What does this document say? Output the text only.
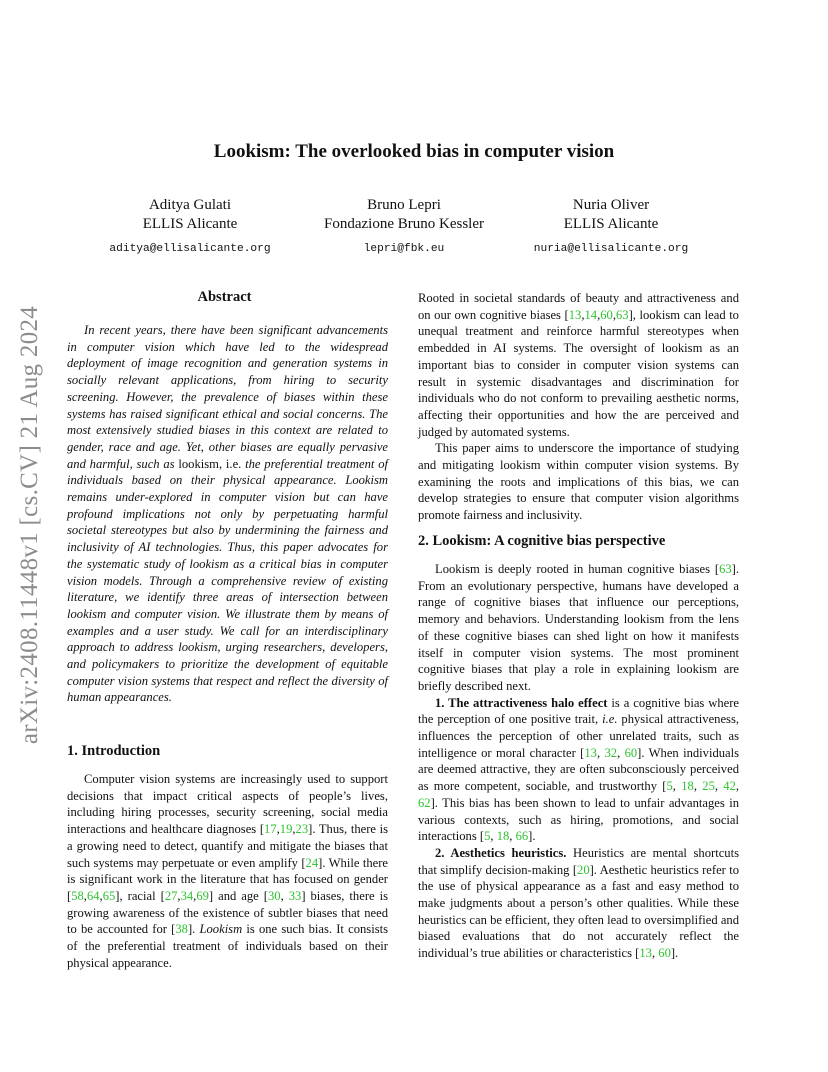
arXiv:2408.11448v1 [cs.CV] 21 Aug 2024
Lookism: The overlooked bias in computer vision
Aditya Gulati
ELLIS Alicante
aditya@ellisalicante.org
Bruno Lepri
Fondazione Bruno Kessler
lepri@fbk.eu
Nuria Oliver
ELLIS Alicante
nuria@ellisalicante.org
Abstract

In recent years, there have been significant advancements in computer vision which have led to the widespread deployment of image recognition and generation systems in socially relevant applications, from hiring to security screening. However, the prevalence of biases within these systems has raised significant ethical and social concerns. The most extensively studied biases in this context are related to gender, race and age. Yet, other biases are equally pervasive and harmful, such as lookism, i.e. the preferential treatment of individuals based on their physical appearance. Lookism remains under-explored in computer vision but can have profound implications not only by perpetuating harmful societal stereotypes but also by undermining the fairness and inclusivity of AI technologies. Thus, this paper advocates for the systematic study of lookism as a critical bias in computer vision models. Through a comprehensive review of existing literature, we identify three areas of intersection between lookism and computer vision. We illustrate them by means of examples and a user study. We call for an interdisciplinary approach to address lookism, urging researchers, developers, and policymakers to prioritize the development of equitable computer vision systems that respect and reflect the diversity of human appearances.

1. Introduction

Computer vision systems are increasingly used to support decisions that impact critical aspects of people’s lives, including hiring processes, security screening, social media interactions and healthcare diagnoses [17,19,23]. Thus, there is a growing need to detect, quantify and mitigate the biases that such systems may perpetuate or even amplify [24]. While there is significant work in the literature that has focused on gender [58,64,65], racial [27,34,69] and age [30, 33] biases, there is growing awareness of the existence of subtler biases that need to be accounted for [38]. Lookism is one such bias. It consists of the preferential treatment of individuals based on their physical appearance.

Rooted in societal standards of beauty and attractiveness and on our own cognitive biases [13,14,60,63], lookism can lead to unequal treatment and reinforce harmful stereotypes when embedded in AI systems. The oversight of lookism as an important bias to consider in computer vision systems can result in systemic disadvantages and discrimination for individuals who do not conform to prevailing aesthetic norms, affecting their opportunities and how the are perceived and judged by automated systems.

This paper aims to underscore the importance of studying and mitigating lookism within computer vision systems. By examining the roots and implications of this bias, we can develop strategies to ensure that computer vision algorithms promote fairness and inclusivity.

2. Lookism: A cognitive bias perspective

Lookism is deeply rooted in human cognitive biases [63]. From an evolutionary perspective, humans have developed a range of cognitive biases that influence our perceptions, memory and behaviors. Understanding lookism from the lens of these cognitive biases can shed light on how it manifests itself in computer vision systems. The most prominent cognitive biases that play a role in explaining lookism are briefly described next.

1. The attractiveness halo effect is a cognitive bias where the perception of one positive trait, i.e. physical attractiveness, influences the perception of other unrelated traits, such as intelligence or moral character [13, 32, 60]. When individuals are deemed attractive, they are often subconsciously perceived as more competent, sociable, and trustworthy [5, 18, 25, 42, 62]. This bias has been shown to lead to unfair advantages in various contexts, such as hiring, promotions, and social interactions [5, 18, 66].

2. Aesthetics heuristics. Heuristics are mental shortcuts that simplify decision-making [20]. Aesthetic heuristics refer to the use of physical appearance as a fast and easy method to make judgments about a person’s other qualities. While these heuristics can be efficient, they often lead to oversimplified and biased evaluations that do not accurately reflect the individual’s true abilities or characteristics [13, 60].
